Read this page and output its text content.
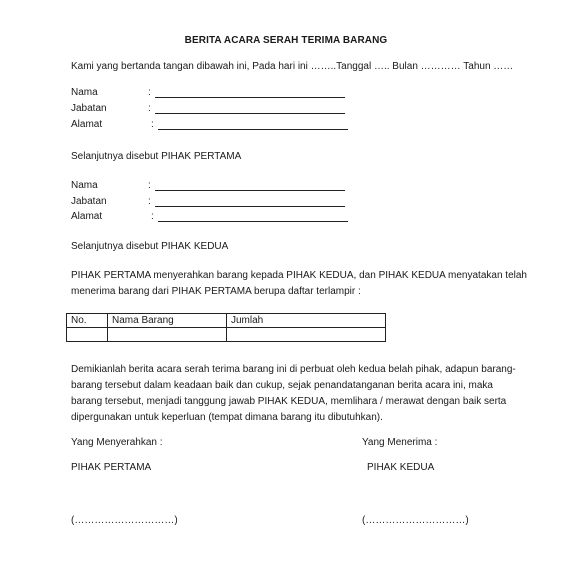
BERITA ACARA SERAH TERIMA BARANG
Kami yang bertanda tangan dibawah ini, Pada hari ini ……..Tanggal ….. Bulan ………… Tahun ……
Nama	:
Jabatan	:
Alamat	:
Selanjutnya disebut PIHAK PERTAMA
Nama	:
Jabatan	:
Alamat	:
Selanjutnya disebut PIHAK KEDUA
PIHAK PERTAMA menyerahkan barang kepada PIHAK KEDUA, dan PIHAK KEDUA menyatakan telah
menerima barang dari PIHAK PERTAMA berupa daftar terlampir :
No.	Nama Barang	Jumlah

Demikianlah berita acara serah terima barang ini di perbuat oleh kedua belah pihak, adapun barang-
barang tersebut dalam keadaan baik dan cukup, sejak penandatanganan berita acara ini, maka
barang tersebut, menjadi tanggung jawab PIHAK KEDUA, memlihara / merawat dengan baik serta
dipergunakan untuk keperluan (tempat dimana barang itu dibutuhkan).
Yang Menyerahkan :	Yang Menerima :
PIHAK PERTAMA	PIHAK KEDUA
(…………………………)	(…………………………)
